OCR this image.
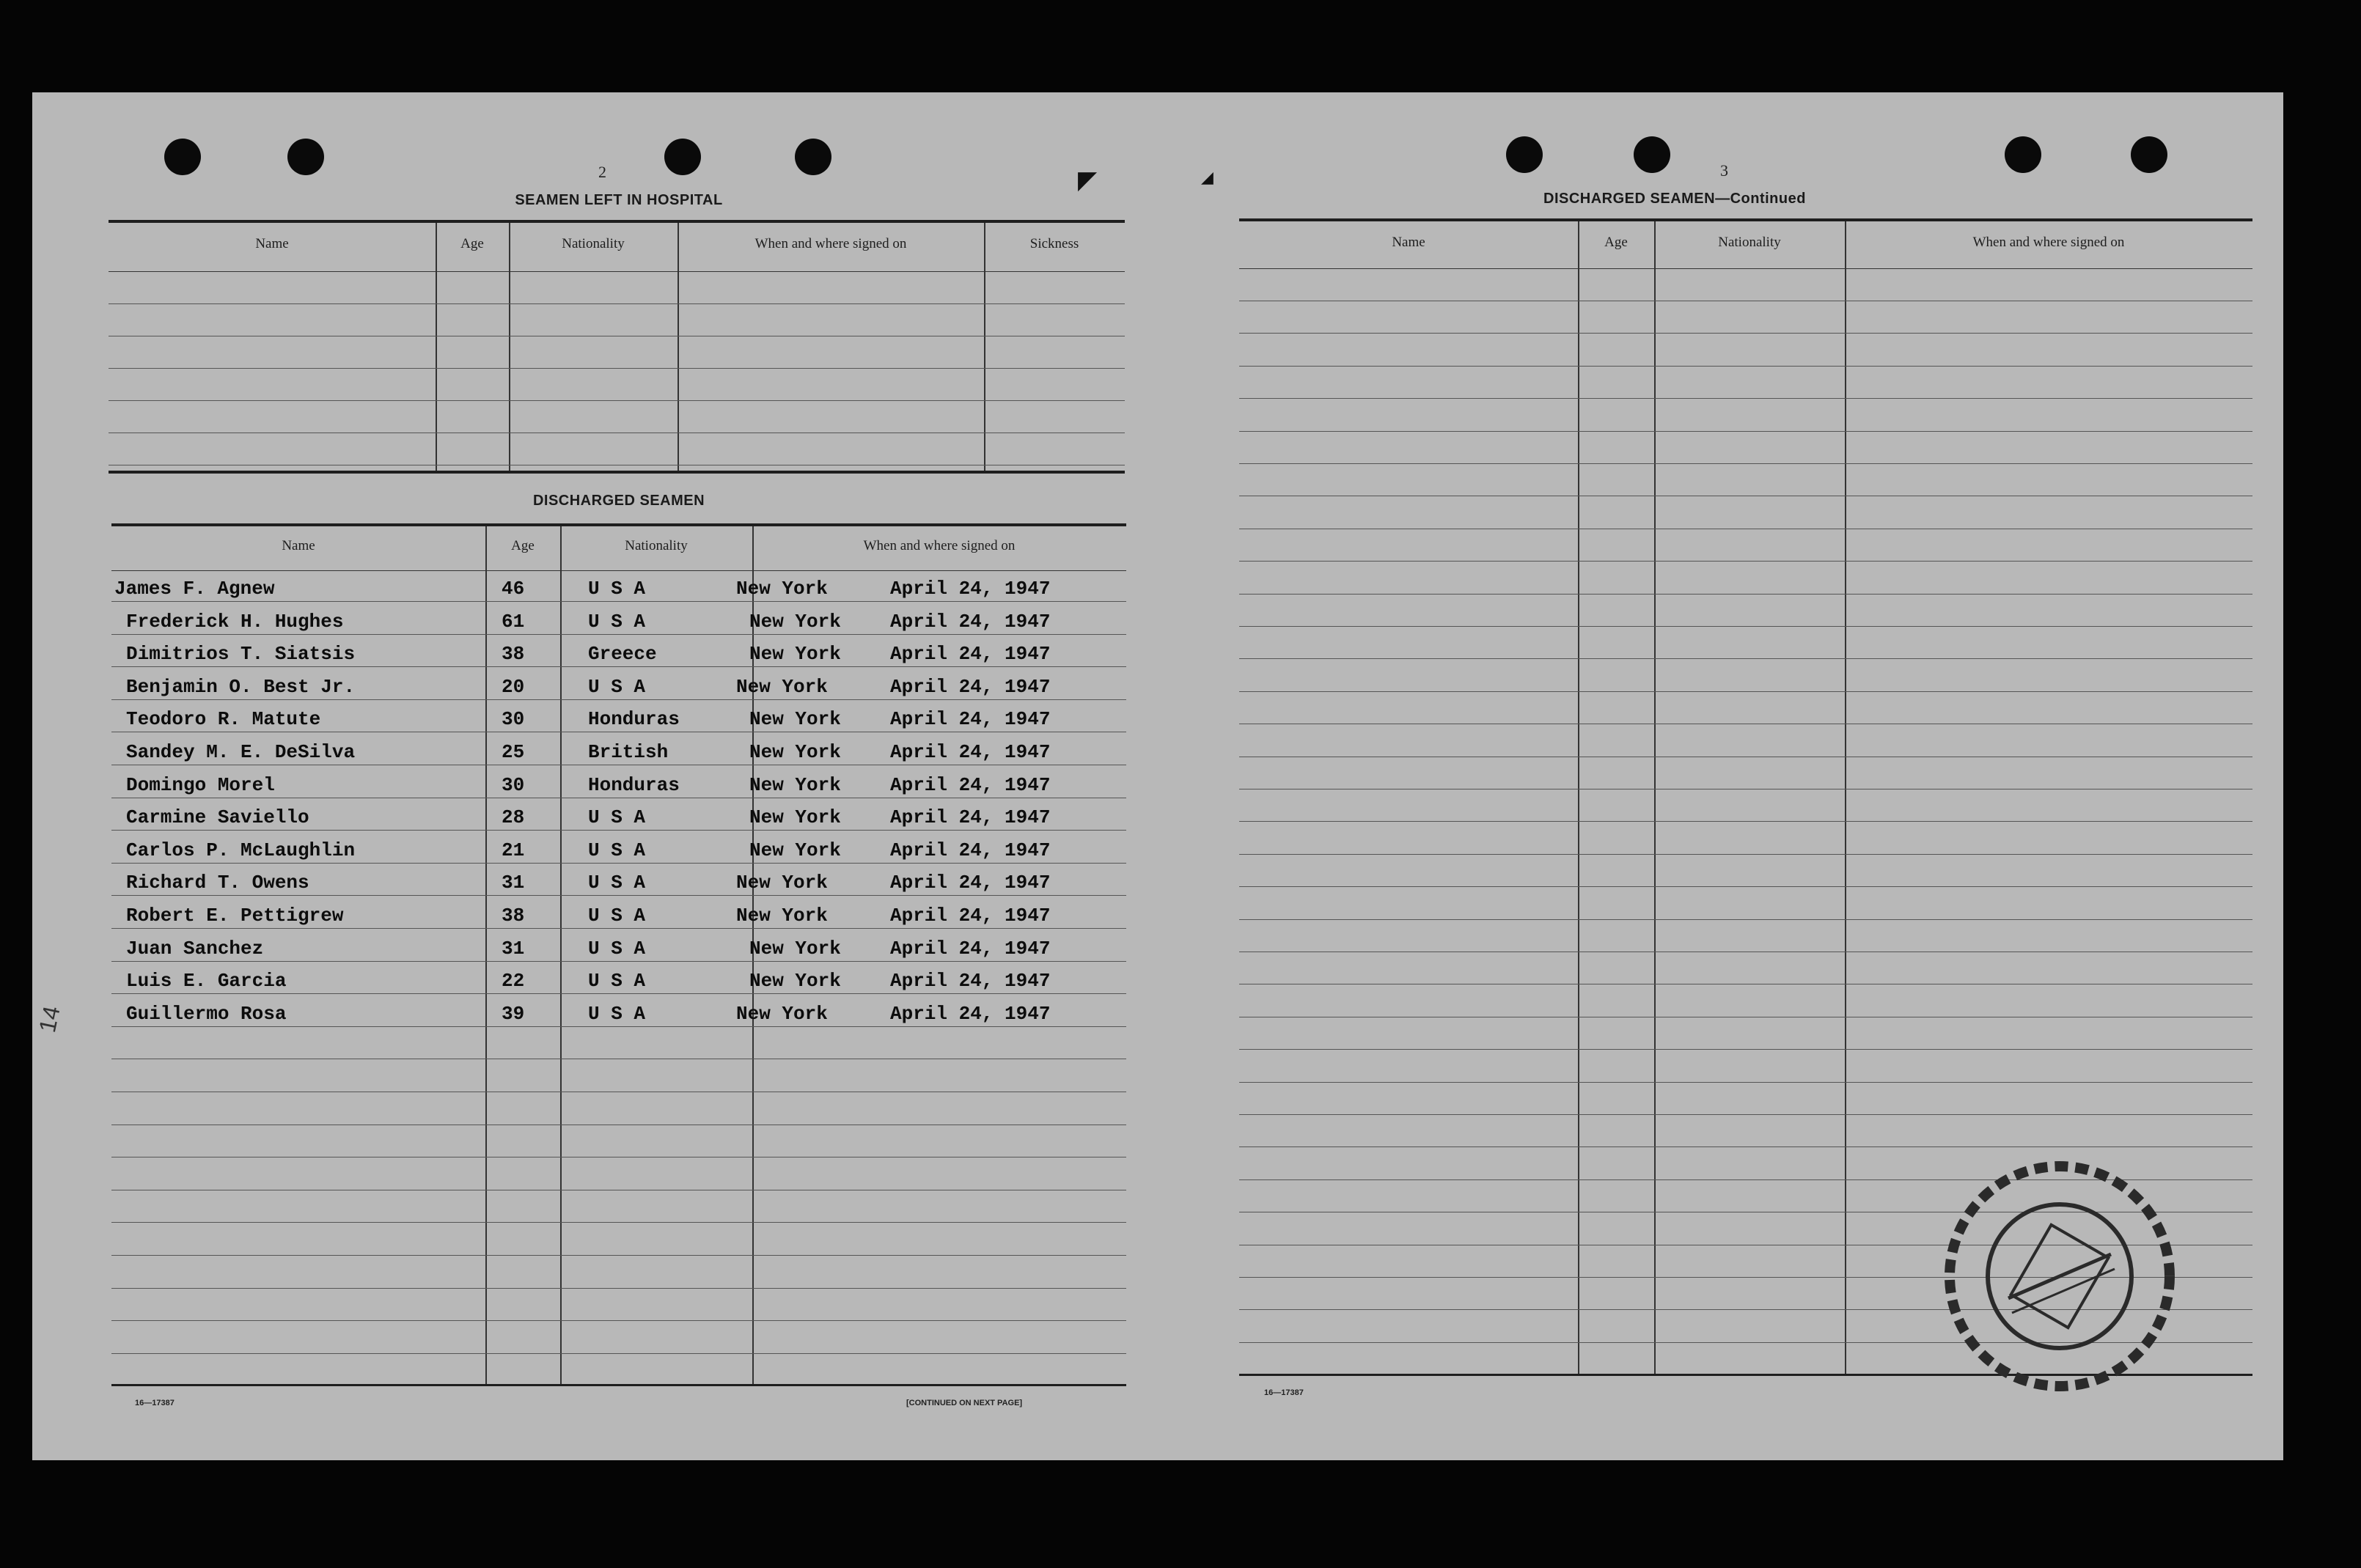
◤	◢
2
SEAMEN LEFT IN HOSPITAL
Name	Age	Nationality	When and where signed on	Sickness
DISCHARGED SEAMEN
Name	Age	Nationality	When and where signed on
James F. Agnew	46	U S A	New York	April 24, 1947
Frederick H. Hughes	61	U S A	New York	April 24, 1947
Dimitrios T. Siatsis	38	Greece	New York	April 24, 1947
Benjamin O. Best Jr.	20	U S A	New York	April 24, 1947
Teodoro R. Matute	30	Honduras	New York	April 24, 1947
Sandey M. E. DeSilva	25	British	New York	April 24, 1947
Domingo Morel	30	Honduras	New York	April 24, 1947
Carmine Saviello	28	U S A	New York	April 24, 1947
Carlos P. McLaughlin	21	U S A	New York	April 24, 1947
Richard T. Owens	31	U S A	New York	April 24, 1947
Robert E. Pettigrew	38	U S A	New York	April 24, 1947
Juan Sanchez	31	U S A	New York	April 24, 1947
Luis E. Garcia	22	U S A	New York	April 24, 1947
Guillermo Rosa	39	U S A	New York	April 24, 1947
16—17387	[CONTINUED ON NEXT PAGE]
14
3
DISCHARGED SEAMEN—Continued
Name	Age	Nationality	When and where signed on
16—17387
